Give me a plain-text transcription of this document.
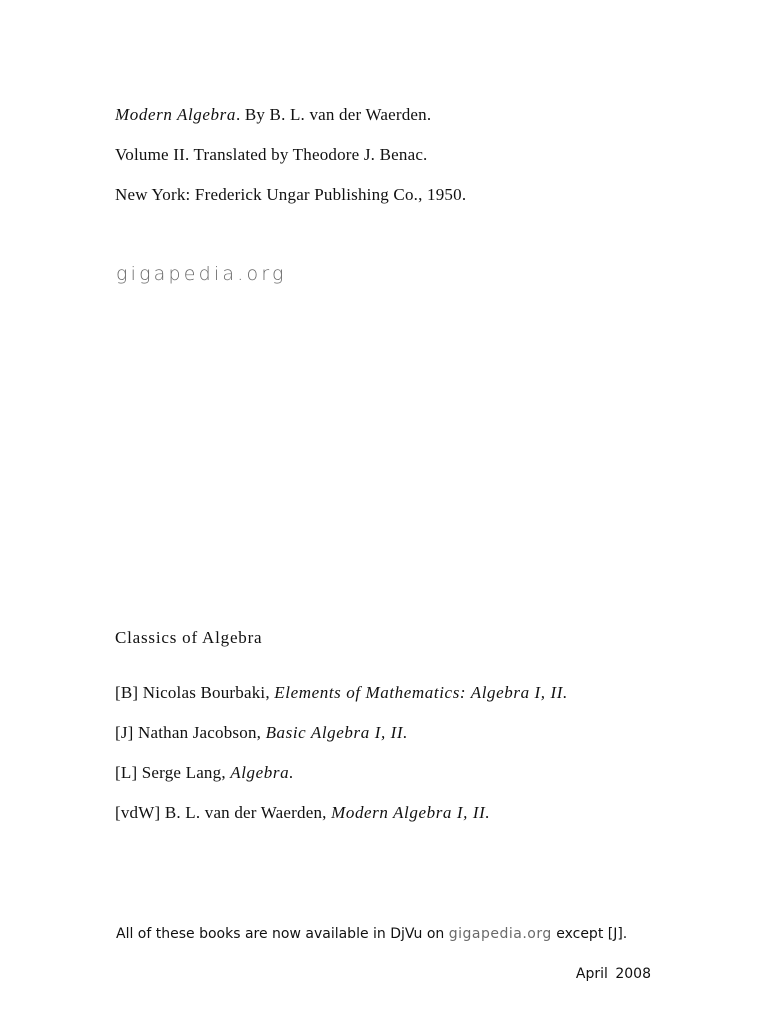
Modern Algebra. By B. L. van der Waerden.
Volume II. Translated by Theodore J. Benac.
New York: Frederick Ungar Publishing Co., 1950.
gigapedia.org
Classics of Algebra
[B] Nicolas Bourbaki, Elements of Mathematics: Algebra I, II.
[J] Nathan Jacobson, Basic Algebra I, II.
[L] Serge Lang, Algebra.
[vdW] B. L. van der Waerden, Modern Algebra I, II.
All of these books are now available in DjVu on gigapedia.org except [J].
April 2008
